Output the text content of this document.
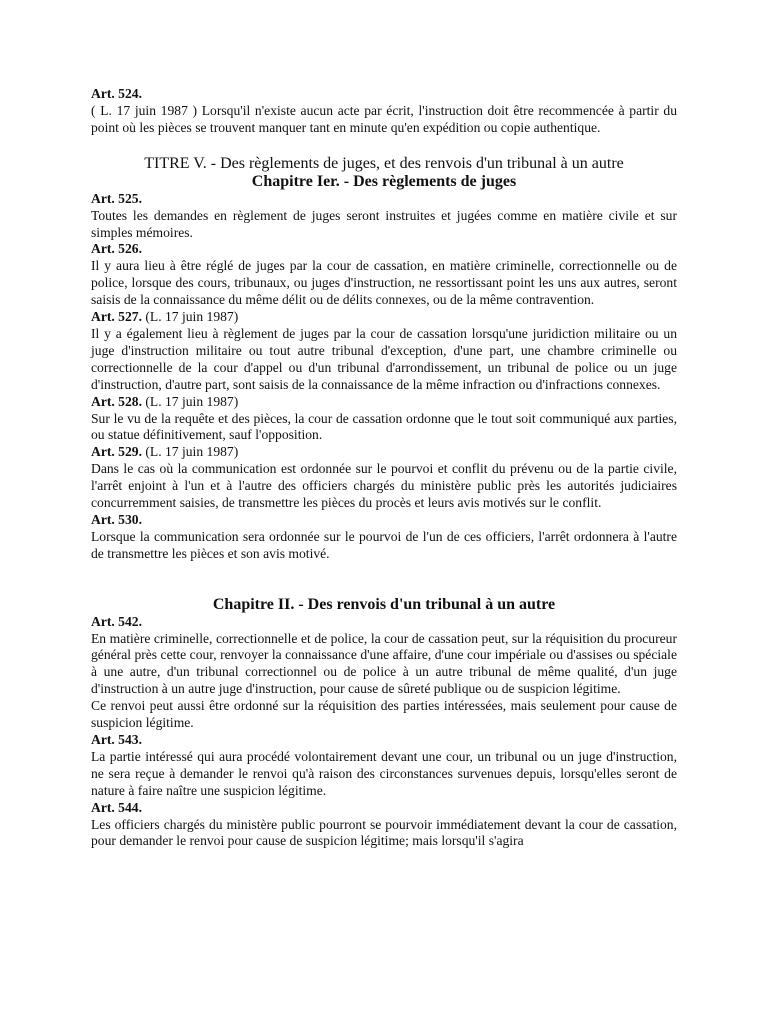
Art. 524.

( L. 17 juin 1987 ) Lorsqu'il n'existe aucun acte par écrit, l'instruction doit être recommencée à partir du point où les pièces se trouvent manquer tant en minute qu'en expédition ou copie authentique.

TITRE V. - Des règlements de juges, et des renvois d'un tribunal à un autre

Chapitre Ier. - Des règlements de juges

Art. 525.

Toutes les demandes en règlement de juges seront instruites et jugées comme en matière civile et sur simples mémoires.

Art. 526.

Il y aura lieu à être réglé de juges par la cour de cassation, en matière criminelle, correctionnelle ou de police, lorsque des cours, tribunaux, ou juges d'instruction, ne ressortissant point les uns aux autres, seront saisis de la connaissance du même délit ou de délits connexes, ou de la même contravention.

Art. 527. (L. 17 juin 1987)

Il y a également lieu à règlement de juges par la cour de cassation lorsqu'une juridiction militaire ou un juge d'instruction militaire ou tout autre tribunal d'exception, d'une part, une chambre criminelle ou correctionnelle de la cour d'appel ou d'un tribunal d'arrondissement, un tribunal de police ou un juge d'instruction, d'autre part, sont saisis de la connaissance de la même infraction ou d'infractions connexes.

Art. 528. (L. 17 juin 1987)

Sur le vu de la requête et des pièces, la cour de cassation ordonne que le tout soit communiqué aux parties, ou statue définitivement, sauf l'opposition.

Art. 529. (L. 17 juin 1987)

Dans le cas où la communication est ordonnée sur le pourvoi et conflit du prévenu ou de la partie civile, l'arrêt enjoint à l'un et à l'autre des officiers chargés du ministère public près les autorités judiciaires concurremment saisies, de transmettre les pièces du procès et leurs avis motivés sur le conflit.

Art. 530.

Lorsque la communication sera ordonnée sur le pourvoi de l'un de ces officiers, l'arrêt ordonnera à l'autre de transmettre les pièces et son avis motivé.

Chapitre II. - Des renvois d'un tribunal à un autre

Art. 542.

En matière criminelle, correctionnelle et de police, la cour de cassation peut, sur la réquisition du procureur général près cette cour, renvoyer la connaissance d'une affaire, d'une cour impériale ou d'assises ou spéciale à une autre, d'un tribunal correctionnel ou de police à un autre tribunal de même qualité, d'un juge d'instruction à un autre juge d'instruction, pour cause de sûreté publique ou de suspicion légitime.

Ce renvoi peut aussi être ordonné sur la réquisition des parties intéressées, mais seulement pour cause de suspicion légitime.

Art. 543.

La partie intéressé qui aura procédé volontairement devant une cour, un tribunal ou un juge d'instruction, ne sera reçue à demander le renvoi qu'à raison des circonstances survenues depuis, lorsqu'elles seront de nature à faire naître une suspicion légitime.

Art. 544.

Les officiers chargés du ministère public pourront se pourvoir immédiatement devant la cour de cassation, pour demander le renvoi pour cause de suspicion légitime; mais lorsqu'il s'agira
